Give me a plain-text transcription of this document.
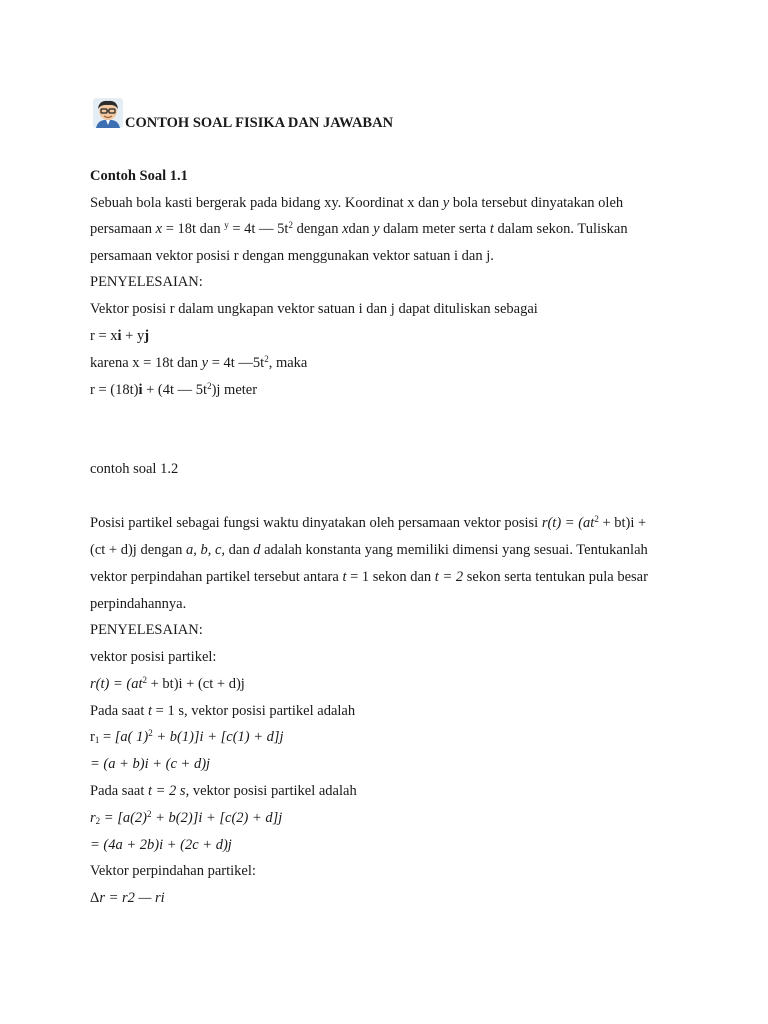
CONTOH SOAL FISIKA DAN JAWABAN
Contoh Soal 1.1
Sebuah bola kasti bergerak pada bidang xy. Koordinat x dan y bola tersebut dinyatakan oleh
persamaan x = 18t dan $^y$ = 4t — $5t^2$ dengan xdan y dalam meter serta t dalam sekon. Tuliskan
persamaan vektor posisi r dengan menggunakan vektor satuan i dan j.
PENYELESAIAN:
Vektor posisi r dalam ungkapan vektor satuan i dan j dapat dituliskan sebagai
r = xi + yj
karena x = 18t dan y = 4t $—5t^2$, maka
r = (18t)i + (4t — $5t^2)j$ meter
contoh soal 1.2
Posisi partikel sebagai fungsi waktu dinyatakan oleh persamaan vektor posisi $r(t) = (at^2 + bt)i$ +
(ct + d)j dengan a, b, c, dan d adalah konstanta yang memiliki dimensi yang sesuai. Tentukanlah
vektor perpindahan partikel tersebut antara t = 1 sekon dan t = 2 sekon serta tentukan pula besar
perpindahannya.
PENYELESAIAN:
vektor posisi partikel:
$r(t) = (at^2 + bt)i + (ct + d)j$
Pada saat t = 1 s, vektor posisi partikel adalah
$r_1 = [a$( 1)$^2$ + b(1)]i + [c(1) + d]j
= (a + b)i + (c + d)j
Pada saat t = 2 s, vektor posisi partikel adalah
$r_2 = [a(2)^2 + b(2)]i + [c(2) + d]j$
= (4a + 2b)i + (2c + d)j
Vektor perpindahan partikel:
Δr = r2 — ri
